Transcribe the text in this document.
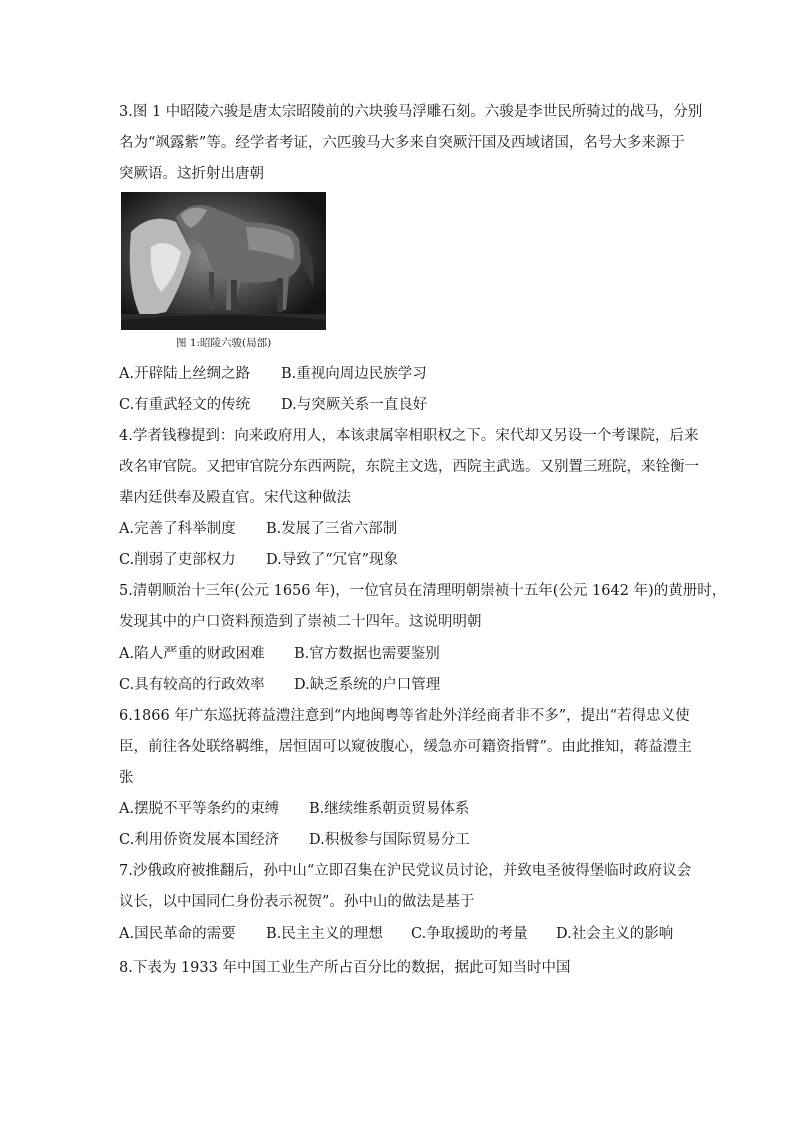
3.图 1 中昭陵六骏是唐太宗昭陵前的六块骏马浮雕石刻。六骏是李世民所骑过的战马，分别
名为“飒露紫”等。经学者考证，六匹骏马大多来自突厥汗国及西域诸国，名号大多来源于
突厥语。这折射出唐朝
图 1:昭陵六骏(局部)
A.开辟陆上丝绸之路 B.重视向周边民族学习
C.有重武轻文的传统 D.与突厥关系一直良好
4.学者钱穆提到：向来政府用人，本该隶属宰相职权之下。宋代却又另设一个考课院，后来
改名审官院。又把审官院分东西两院，东院主文选，西院主武选。又别置三班院，来铨衡一
辈内廷供奉及殿直官。宋代这种做法
A.完善了科举制度 B.发展了三省六部制
C.削弱了吏部权力 D.导致了“冗官”现象
5.清朝顺治十三年(公元 1656 年)，一位官员在清理明朝崇祯十五年(公元 1642 年)的黄册时，
发现其中的户口资料预造到了崇祯二十四年。这说明明朝
A.陷人严重的财政困难 B.官方数据也需要鉴别
C.具有较高的行政效率 D.缺乏系统的户口管理
6.1866 年广东巡抚蒋益澧注意到“内地闽粤等省赴外洋经商者非不多”，提出“若得忠义使
臣，前往各处联络羁维，居恒固可以窥彼腹心，缓急亦可籍资指臂”。由此推知，蒋益澧主
张
A.摆脱不平等条约的束缚 B.继续维系朝贡贸易体系
C.利用侨资发展本国经济 D.积极参与国际贸易分工
7.沙俄政府被推翻后，孙中山“立即召集在沪民党议员讨论，并致电圣彼得堡临时政府议会
议长，以中国同仁身份表示祝贺”。孙中山的做法是基于
A.国民革命的需要 B.民主主义的理想 C.争取援助的考量 D.社会主义的影响
8.下表为 1933 年中国工业生产所占百分比的数据，据此可知当时中国
